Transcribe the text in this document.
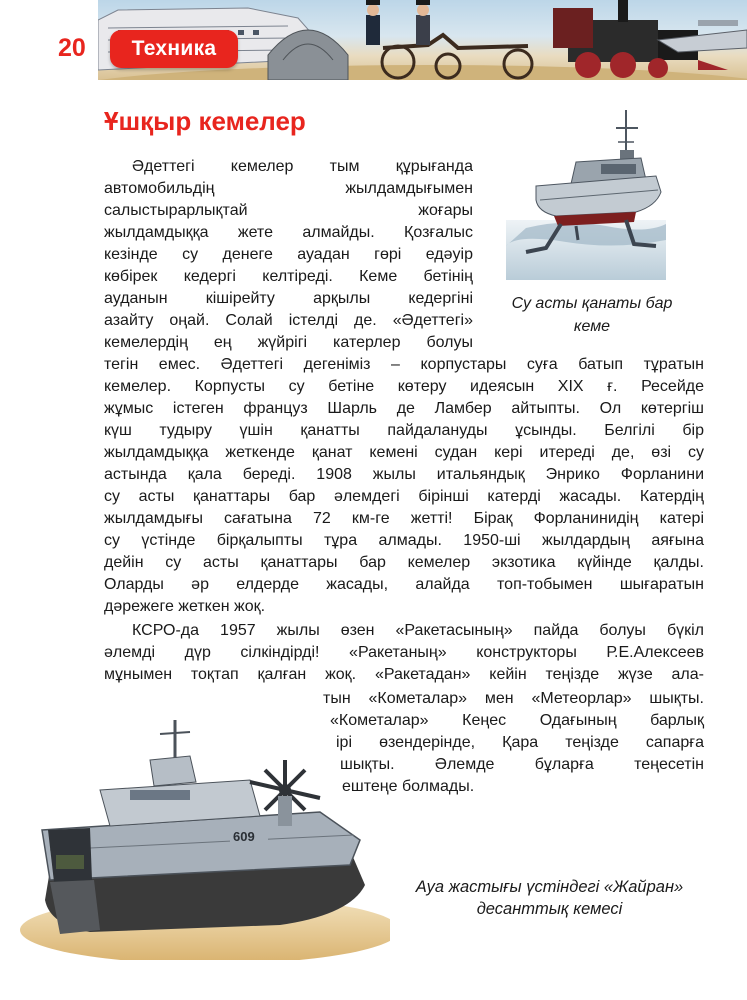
20	Техника
Ұшқыр кемелер

Әдеттегі кемелер тым құрығанда

автомобильдің жылдамдығымен

салыстырарлықтай жоғары

жылдамдыққа жете алмайды. Қозғалыс

кезінде су денеге ауадан гөрі едәуір

көбірек кедергі келтіреді. Кеме бетінің

ауданын кішірейту арқылы кедергіні

азайту оңай. Солай істелді де. «Әдеттегі»

кемелердің ең жүйрігі катерлер болуы

Су асты қанаты бар
кеме

тегін емес. Әдеттегі дегеніміз – корпустары суға батып тұратын

кемелер. Корпусты су бетіне көтеру идеясын XIX ғ. Ресейде

жұмыс істеген француз Шарль де Ламбер айтыпты. Ол көтергіш

күш тудыру үшін қанатты пайдалануды ұсынды. Белгілі бір

жылдамдыққа жеткенде қанат кемені судан кері итереді де, өзі су

астында қала береді. 1908 жылы итальяндық Энрико Форланини

су асты қанаттары бар әлемдегі бірінші катерді жасады. Катердің

жылдамдығы сағатына 72 км-ге жетті! Бірақ Форланинидің катері

су үстінде бірқалыпты тұра алмады. 1950-ші жылдардың аяғына

дейін су асты қанаттары бар кемелер экзотика күйінде қалды.

Оларды әр елдерде жасады, алайда топ-тобымен шығаратын

дәрежеге жеткен жоқ.

КСРО-да 1957 жылы өзен «Ракетасының» пайда болуы бүкіл

әлемді дүр сілкіндірді! «Ракетаның» конструкторы Р.Е.Алексеев

мұнымен тоқтап қалған жоқ. «Ракетадан» кейін теңізде жүзе ала-

тын «Кометалар» мен «Метеорлар» шықты.

«Кометалар» Кеңес Одағының барлық

ірі өзендерінде, Қара теңізде сапарға

шықты. Әлемде бұларға теңесетін

ештеңе болмады.

609
Ауа жастығы үстіндегі «Жайран»
десанттық кемесі
